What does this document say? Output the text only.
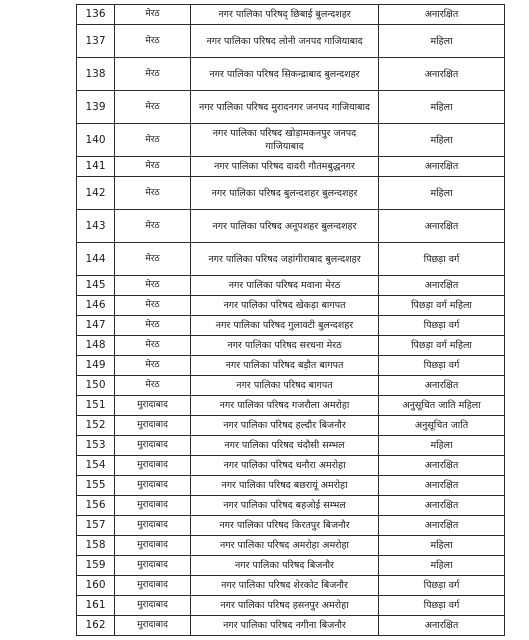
136	मेरठ	नगर पालिका परिषद् छिबाई बुलन्दशहर	अनारक्षित
137	मेरठ	नगर पालिका परिषद लोनी जनपद गाजियाबाद	महिला
138	मेरठ	नगर पालिका परिषद सिकन्द्राबाद बुलन्दशहर	अनारक्षित
139	मेरठ	नगर पालिका परिषद मुरादनगर जनपद गाजियाबाद	महिला
140	मेरठ	नगर पालिका परिषद खोड़ामकनपुर जनपद गाजियाबाद	महिला
141	मेरठ	नगर पालिका परिषद दादरी गौतमबुद्धनगर	अनारक्षित
142	मेरठ	नगर पालिका परिषद बुलन्दशहर बुलन्दशहर	महिला
143	मेरठ	नगर पालिका परिषद अनूपशहर बुलन्दशहर	अनारक्षित
144	मेरठ	नगर पालिका परिषद जहांगीराबाद बुलन्दशहर	पिछड़ा वर्ग
145	मेरठ	नगर पालिका परिषद मवाना मेरठ	अनारक्षित
146	मेरठ	नगर पालिका परिषद खेकड़ा बागपत	पिछड़ा वर्ग महिला
147	मेरठ	नगर पालिका परिषद गुलावटी बुलन्दशहर	पिछड़ा वर्ग
148	मेरठ	नगर पालिका परिषद सरधना मेरठ	पिछड़ा वर्ग महिला
149	मेरठ	नगर पालिका परिषद बड़ौत बागपत	पिछड़ा वर्ग
150	मेरठ	नगर पालिका परिषद बागपत	अनारक्षित
151	मुरादाबाद	नगर पालिका परिषद गजरौला अमरोहा	अनुसूचित जाति महिला
152	मुरादाबाद	नगर पालिका परिषद हल्दौर बिजनौर	अनुसूचित जाति
153	मुरादाबाद	नगर पालिका परिषद चंदौसी सम्भल	महिला
154	मुरादाबाद	नगर पालिका परिषद धनौरा अमरोहा	अनारक्षित
155	मुरादाबाद	नगर पालिका परिषद बछरायूं अमरोहा	अनारक्षित
156	मुरादाबाद	नगर पालिका परिषद बहजोई सम्भल	अनारक्षित
157	मुरादाबाद	नगर पालिका परिषद किरतपुर बिजनौर	अनारक्षित
158	मुरादाबाद	नगर पालिका परिषद अमरोहा अमरोहा	महिला
159	मुरादाबाद	नगर पालिका परिषद बिजनौर	महिला
160	मुरादाबाद	नगर पालिका परिषद शेरकोट बिजनौर	पिछड़ा वर्ग
161	मुरादाबाद	नगर पालिका परिषद हसनपुर अमरोहा	पिछड़ा वर्ग
162	मुरादाबाद	नगर पालिका परिषद नगीना बिजनौर	अनारक्षित
